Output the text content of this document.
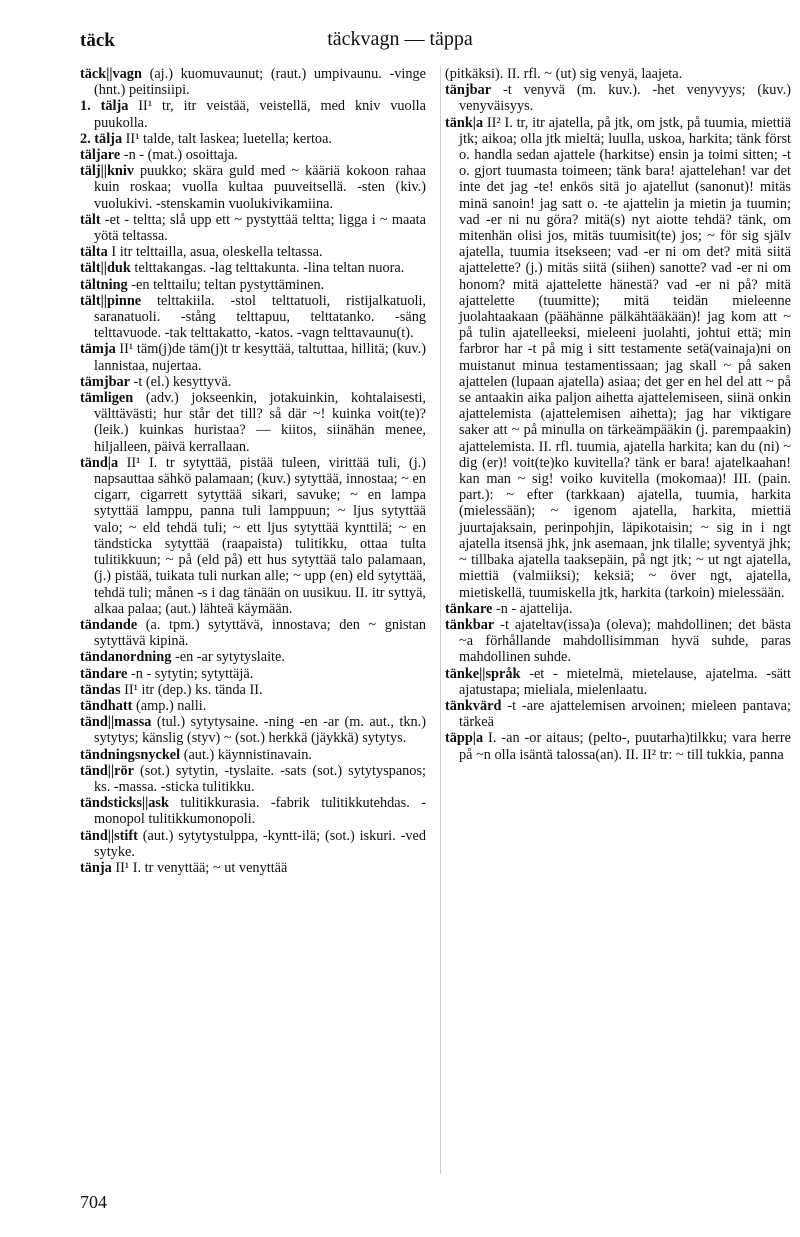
täck	täckvagn — täppa

täck||vagn (aj.) kuomuvaunut; (raut.) umpivaunu. -vinge (hnt.) peitinsiipi.

1. tälja II¹ tr, itr veistää, veistellä, med kniv vuolla puukolla.

2. tälja II¹ talde, talt laskea; luetella; kertoa.

täljare -n - (mat.) osoittaja.

tälj||kniv puukko; skära guld med ~ kääriä kokoon rahaa kuin roskaa; vuolla kultaa puuveitsellä. -sten (kiv.) vuolukivi. -stenskamin vuolukivikamiina.

tält -et - teltta; slå upp ett ~ pystyttää teltta; ligga i ~ maata yötä teltassa.

tälta I itr telttailla, asua, oleskella teltassa.

tält||duk telttakangas. -lag telttakunta. -lina teltan nuora.

tältning -en telttailu; teltan pystyttäminen.

tält||pinne telttakiila. -stol telttatuoli, ristijalkatuoli, saranatuoli. -stång telttapuu, telttatanko. -säng telttavuode. -tak telttakatto, -katos. -vagn telttavaunu(t).

tämja II¹ täm(j)de täm(j)t tr kesyttää, taltuttaa, hillitä; (kuv.) lannistaa, nujertaa.

tämjbar -t (el.) kesyttyvä.

tämligen (adv.) jokseenkin, jotakuinkin, kohtalaisesti, välttävästi; hur står det till? så där ~! kuinka voit(te)? (leik.) kuinkas huristaa? — kiitos, siinähän menee, hiljalleen, päivä kerrallaan.

tänd|a II¹ I. tr sytyttää, pistää tuleen, virittää tuli, (j.) napsauttaa sähkö palamaan; (kuv.) sytyttää, innostaa; ~ en cigarr, cigarrett sytyttää sikari, savuke; ~ en lampa sytyttää lamppu, panna tuli lamppuun; ~ ljus sytyttää valo; ~ eld tehdä tuli; ~ ett ljus sytyttää kynttilä; ~ en tändsticka sytyttää (raapaista) tulitikku, ottaa tulta tulitikkuun; ~ på (eld på) ett hus sytyttää talo palamaan, (j.) pistää, tuikata tuli nurkan alle; ~ upp (en) eld sytyttää, tehdä tuli; månen -s i dag tänään on uusikuu. II. itr syttyä, alkaa palaa; (aut.) lähteä käymään.

tändande (a. tpm.) sytyttävä, innostava; den ~ gnistan sytyttävä kipinä.

tändanordning -en -ar sytytyslaite.

tändare -n - sytytin; sytyttäjä.

tändas II¹ itr (dep.) ks. tända II.

tändhatt (amp.) nalli.

tänd||massa (tul.) sytytysaine. -ning -en -ar (m. aut., tkn.) sytytys; känslig (styv) ~ (sot.) herkkä (jäykkä) sytytys.

tändningsnyckel (aut.) käynnistinavain.

tänd||rör (sot.) sytytin, -tyslaite. -sats (sot.) sytytyspanos; ks. -massa. -sticka tulitikku.

tändsticks||ask tulitikkurasia. -fabrik tulitikkutehdas. -monopol tulitikkumonopoli.

tänd||stift (aut.) sytytystulppa, -kyntt-ilä; (sot.) iskuri. -ved sytyke.

tänja II¹ I. tr venyttää; ~ ut venyttää

(pitkäksi). II. rfl. ~ (ut) sig venyä, laajeta.

tänjbar -t venyvä (m. kuv.). -het venyvyys; (kuv.) venyväisyys.

tänk|a II² I. tr, itr ajatella, på jtk, om jstk, på tuumia, miettiä jtk; aikoa; olla jtk mieltä; luulla, uskoa, harkita; tänk först o. handla sedan ajattele (harkitse) ensin ja toimi sitten; -t o. gjort tuumasta toimeen; tänk bara! ajattelehan! var det inte det jag -te! enkös sitä jo ajatellut (sanonut)! mitäs minä sanoin! jag satt o. -te ajattelin ja mietin ja tuumin; vad -er ni nu göra? mitä(s) nyt aiotte tehdä? tänk, om mitenhän olisi jos, mitäs tuumisit(te) jos; ~ för sig själv ajatella, tuumia itsekseen; vad -er ni om det? mitä siitä ajattelette? (j.) mitäs siitä (siihen) sanotte? vad -er ni om honom? mitä ajattelette hänestä? vad -er ni på? mitä ajattelette (tuumitte); mitä teidän mieleenne juolahtaakaan (päähänne pälkähtääkään)! jag kom att ~ på tulin ajatelleeksi, mieleeni juolahti, johtui että; min farbror har -t på mig i sitt testamente setä(vainaja)ni on muistanut minua testamentissaan; jag skall ~ på saken ajattelen (lupaan ajatella) asiaa; det ger en hel del att ~ på se antaakin aika paljon aihetta ajattelemiseen, siinä onkin ajattelemista (ajattelemisen aihetta); jag har viktigare saker att ~ på minulla on tärkeämpääkin (j. parempaakin) ajattelemista. II. rfl. tuumia, ajatella harkita; kan du (ni) ~ dig (er)! voit(te)ko kuvitella? tänk er bara! ajatelkaahan! kan man ~ sig! voiko kuvitella (mokomaa)! III. (pain. part.): ~ efter (tarkkaan) ajatella, tuumia, harkita (mielessään); ~ igenom ajatella, harkita, miettiä juurtajaksain, perinpohjin, läpikotaisin; ~ sig in i ngt ajatella itsensä jhk, jnk asemaan, jnk tilalle; syventyä jhk; ~ tillbaka ajatella taaksepäin, på ngt jtk; ~ ut ngt ajatella, miettiä (valmiiksi); keksiä; ~ över ngt, ajatella, mietiskellä, tuumiskella jtk, harkita (tarkoin) mielessään.

tänkare -n - ajattelija.

tänkbar -t ajateltav(issa)a (oleva); mahdollinen; det bästa ~a förhållande mahdollisimman hyvä suhde, paras mahdollinen suhde.

tänke||språk -et - mietelmä, mietelause, ajatelma. -sätt ajatustapa; mieliala, mielenlaatu.

tänkvärd -t -are ajattelemisen arvoinen; mieleen pantava; tärkeä

täpp|a I. -an -or aitaus; (pelto-, puutarha)tilkku; vara herre på ~n olla isäntä talossa(an). II. II² tr: ~ till tukkia, panna

704
